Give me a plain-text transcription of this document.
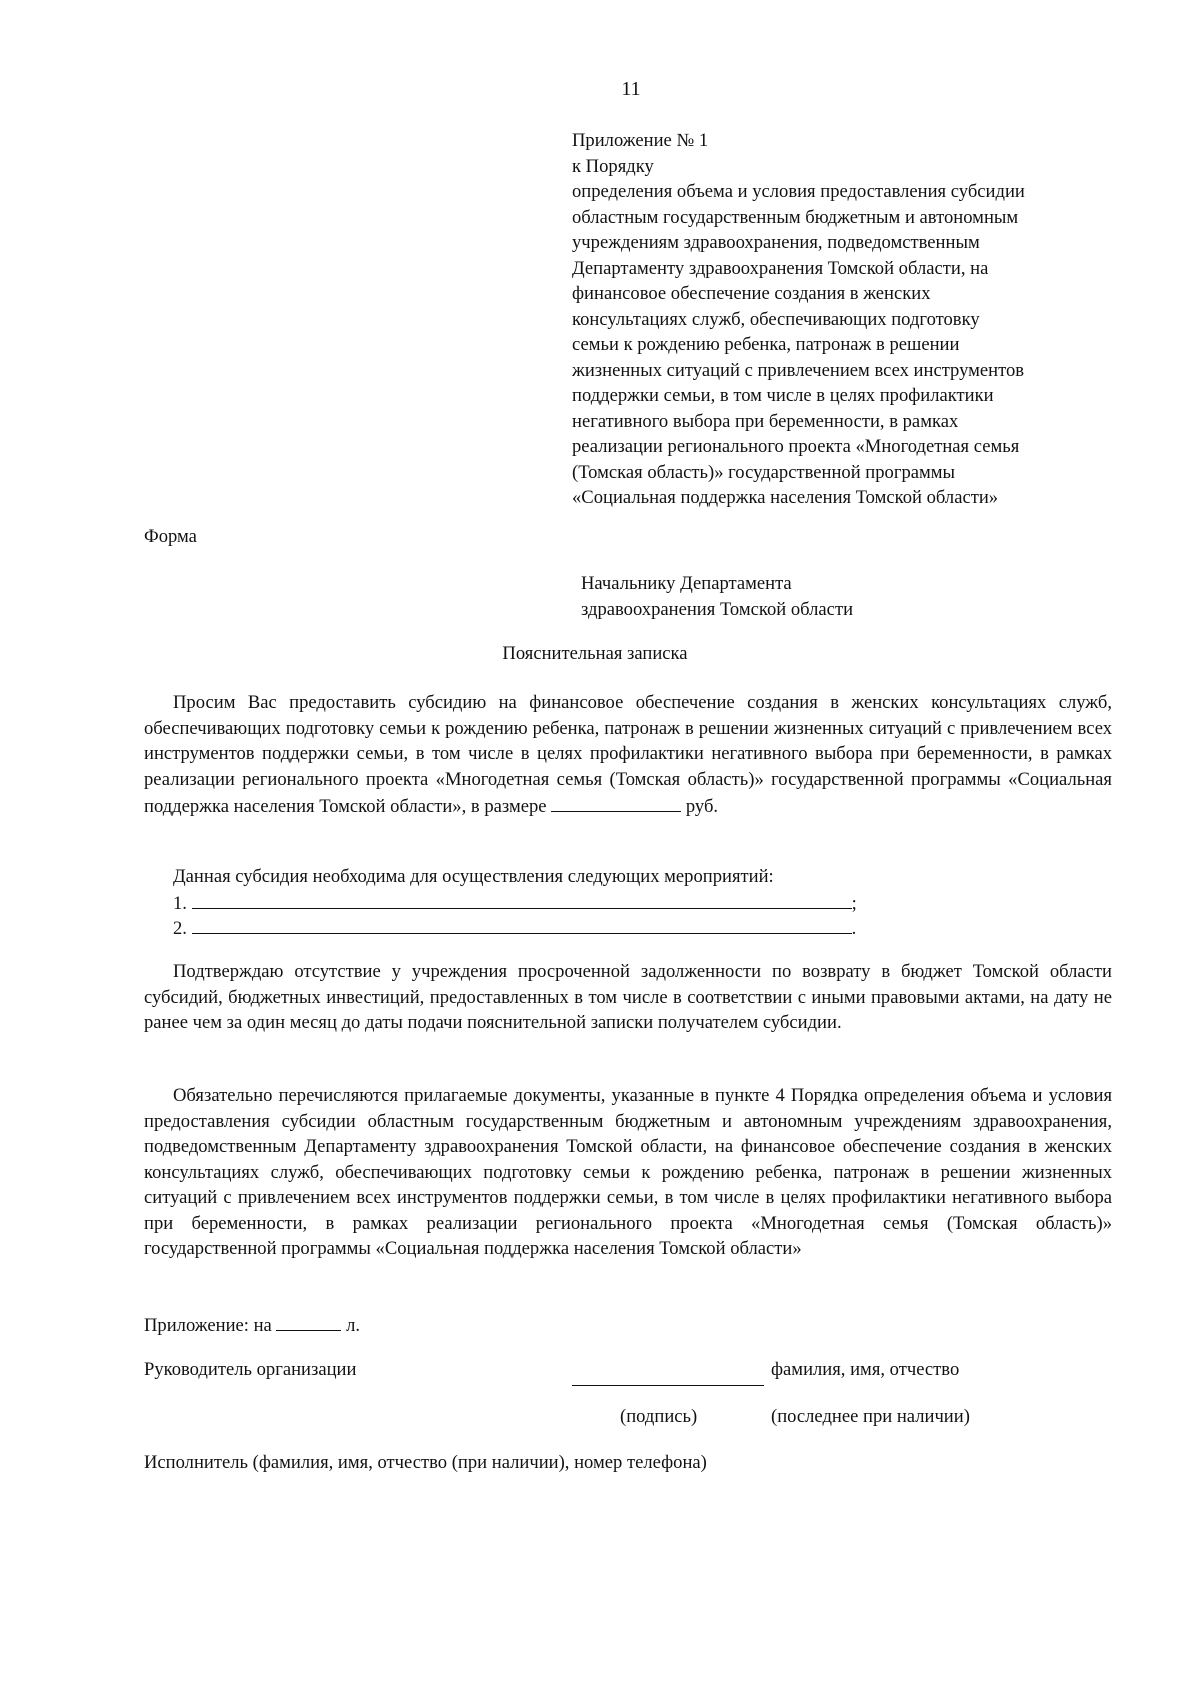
11
Приложение № 1
к Порядку
определения объема и условия предоставления субсидии
областным государственным бюджетным и автономным
учреждениям здравоохранения, подведомственным
Департаменту здравоохранения Томской области, на
финансовое обеспечение создания в женских
консультациях служб, обеспечивающих подготовку
семьи к рождению ребенка, патронаж в решении
жизненных ситуаций с привлечением всех инструментов
поддержки семьи, в том числе в целях профилактики
негативного выбора при беременности, в рамках
реализации регионального проекта «Многодетная семья
(Томская область)» государственной программы
«Социальная поддержка населения Томской области»
Форма
Начальнику Департамента
здравоохранения Томской области
Пояснительная записка

Просим Вас предоставить субсидию на финансовое обеспечение создания в женских консультациях служб, обеспечивающих подготовку семьи к рождению ребенка, патронаж в решении жизненных ситуаций с привлечением всех инструментов поддержки семьи, в том числе в целях профилактики негативного выбора при беременности, в рамках реализации регионального проекта «Многодетная семья (Томская область)» государственной программы «Социальная поддержка населения Томской области», в размере	руб.

Данная субсидия необходима для осуществления следующих мероприятий:

1.	;
2.	.

Подтверждаю отсутствие у учреждения просроченной задолженности по возврату в бюджет Томской области субсидий, бюджетных инвестиций, предоставленных в том числе в соответствии с иными правовыми актами, на дату не ранее чем за один месяц до даты подачи пояснительной записки получателем субсидии.

Обязательно перечисляются прилагаемые документы, указанные в пункте 4 Порядка определения объема и условия предоставления субсидии областным государственным бюджетным и автономным учреждениям здравоохранения, подведомственным Департаменту здравоохранения Томской области, на финансовое обеспечение создания в женских консультациях служб, обеспечивающих подготовку семьи к рождению ребенка, патронаж в решении жизненных ситуаций с привлечением всех инструментов поддержки семьи, в том числе в целях профилактики негативного выбора при беременности, в рамках реализации регионального проекта «Многодетная семья (Томская область)» государственной программы «Социальная поддержка населения Томской области»

Приложение: на	л.
Руководитель организации	фамилия, имя, отчество
(подпись)	(последнее при наличии)
Исполнитель (фамилия, имя, отчество (при наличии), номер телефона)
